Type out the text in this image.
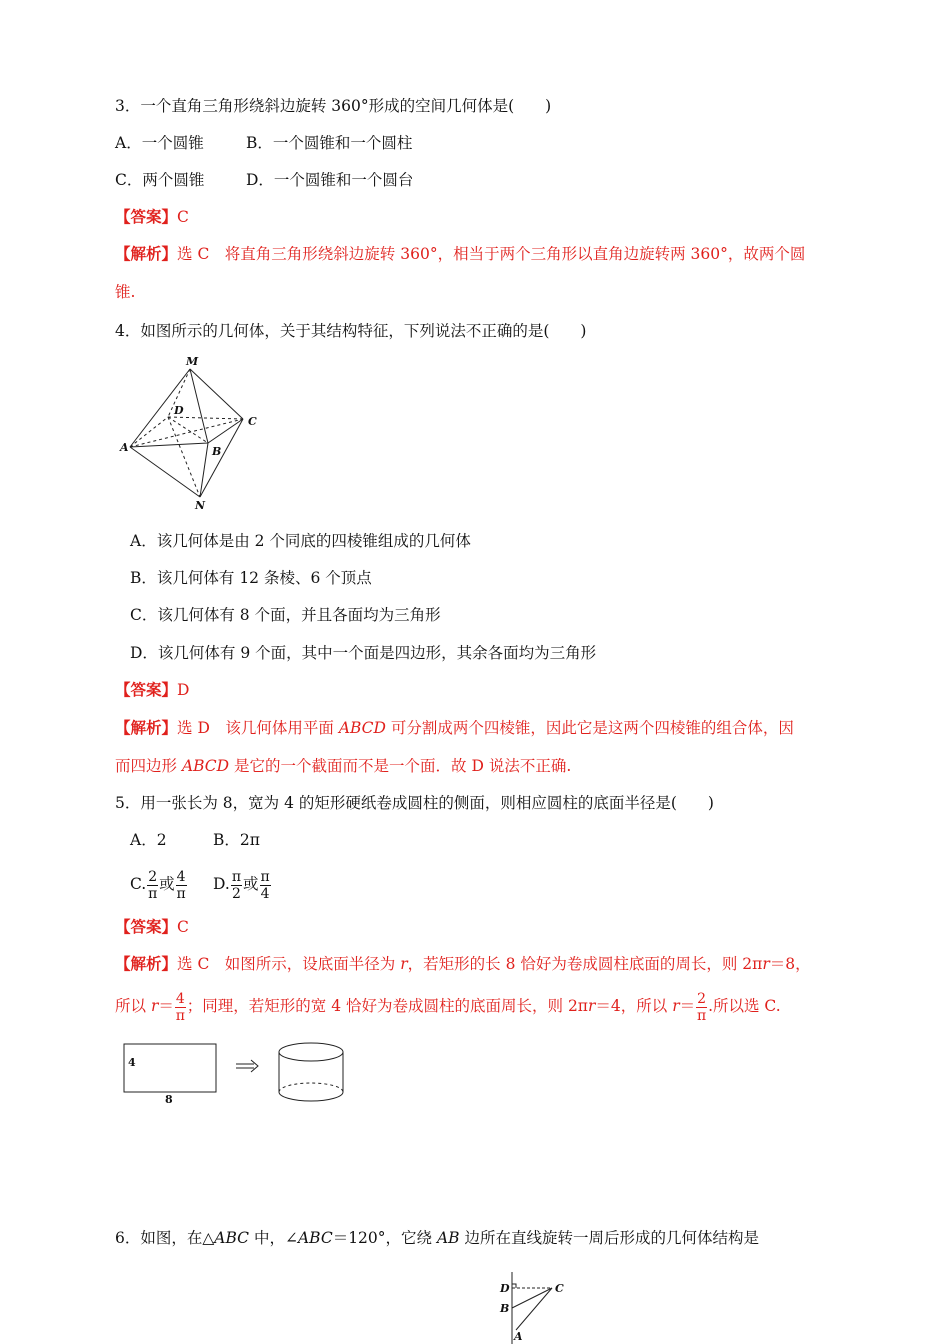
3．一个直角三角形绕斜边旋转 360°形成的空间几何体是(　　)
A．一个圆锥	B．一个圆锥和一个圆柱
C．两个圆锥	D．一个圆锥和一个圆台
【答案】C
【解析】选 C　将直角三角形绕斜边旋转 360°，相当于两个三角形以直角边旋转两 360°，故两个圆
锥.
4．如图所示的几何体，关于其结构特征，下列说法不正确的是(　　)
M
D
C
A	B
N
A．该几何体是由 2 个同底的四棱锥组成的几何体
B．该几何体有 12 条棱、6 个顶点
C．该几何体有 8 个面，并且各面均为三角形
D．该几何体有 9 个面，其中一个面是四边形，其余各面均为三角形
【答案】D
【解析】选 D　该几何体用平面 ABCD 可分割成两个四棱锥，因此它是这两个四棱锥的组合体，因
而四边形 ABCD 是它的一个截面而不是一个面．故 D 说法不正确.
5．用一张长为 8，宽为 4 的矩形硬纸卷成圆柱的侧面，则相应圆柱的底面半径是(　　)
A．2	B．2π
C. $\frac{2}{\pi}$ 或 $\frac{4}{\pi} D$. $\frac{\pi}{2}$ 或 $\frac{\pi}{4}$
【答案】C
【解析】选 C　如图所示，设底面半径为 r，若矩形的长 8 恰好为卷成圆柱底面的周长，则 2πr＝8，
所以 $r= \frac{4}{\pi}$ ；同理，若矩形的宽 4 恰好为卷成圆柱的底面周长，则 2πr＝4，所以 $r= \frac{2}{\pi}$ .所以选 C.
4
8
6．如图，在△ABC 中，∠ABC＝120°，它绕 AB 边所在直线旋转一周后形成的几何体结构是
D	C
B
A
